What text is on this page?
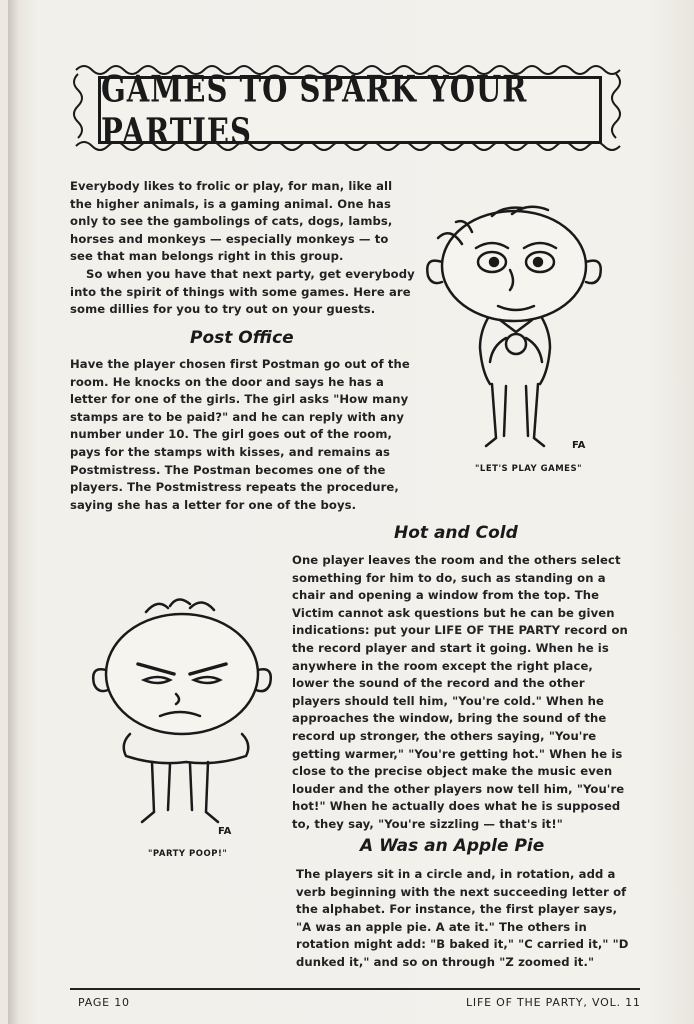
GAMES TO SPARK YOUR PARTIES

Everybody likes to frolic or play, for man, like all the higher animals, is a gaming animal. One has only to see the gambolings of cats, dogs, lambs, horses and monkeys — especially monkeys — to see that man belongs right in this group.

So when you have that next party, get everybody into the spirit of things with some games. Here are some dillies for you to try out on your guests.

Post Office

Have the player chosen first Postman go out of the room. He knocks on the door and says he has a letter for one of the girls. The girl asks "How many stamps are to be paid?" and he can reply with any number under 10. The girl goes out of the room, pays for the stamps with kisses, and remains as Postmistress. The Postman becomes one of the players. The Postmistress repeats the procedure, saying she has a letter for one of the boys.

FA

"LET'S PLAY GAMES"

Hot and Cold

One player leaves the room and the others select something for him to do, such as standing on a chair and opening a window from the top. The Victim cannot ask questions but he can be given indications: put your LIFE OF THE PARTY record on the record player and start it going. When he is anywhere in the room except the right place, lower the sound of the record and the other players should tell him, "You're cold." When he approaches the window, bring the sound of the record up stronger, the others saying, "You're getting warmer," "You're getting hot." When he is close to the precise object make the music even louder and the other players now tell him, "You're hot!" When he actually does what he is supposed to, they say, "You're sizzling — that's it!"

FA

"PARTY POOP!"	A Was an Apple Pie

The players sit in a circle and, in rotation, add a verb beginning with the next succeeding letter of the alphabet. For instance, the first player says, "A was an apple pie. A ate it." The others in rotation might add: "B baked it," "C carried it," "D dunked it," and so on through "Z zoomed it."

PAGE 10	LIFE OF THE PARTY, VOL. 11
